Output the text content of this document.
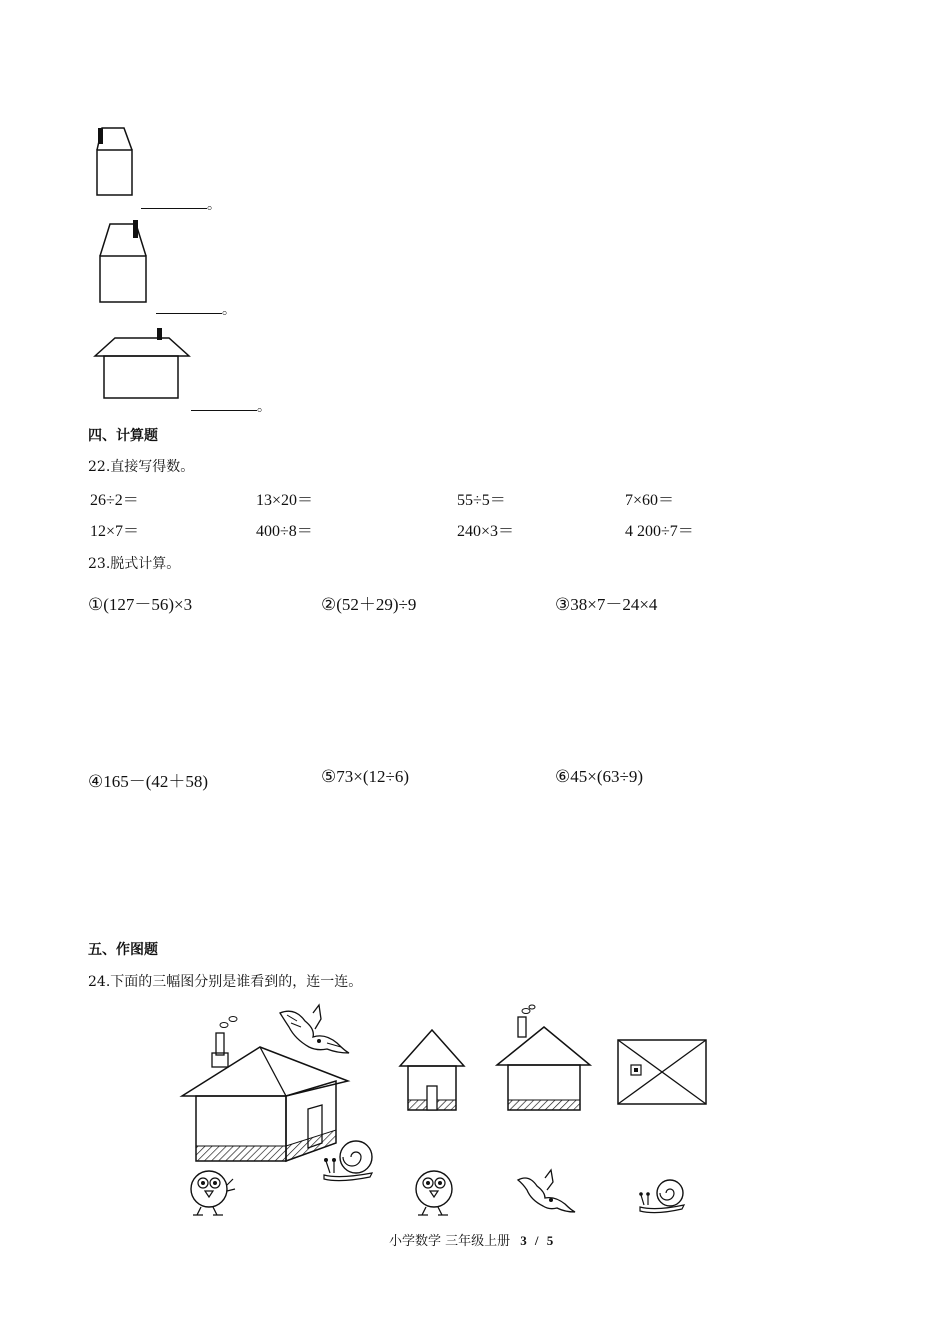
。
。
。
四、计算题
22.直接写得数。
26÷2＝	13×20＝	55÷5＝	7×60＝
12×7＝	400÷8＝	240×3＝	4 200÷7＝
23.脱式计算。
①(127－56)×3	②(52＋29)÷9	③38×7－24×4
④165－(42＋58)	⑤73×(12÷6)	⑥45×(63÷9)
五、作图题
24.下面的三幅图分别是谁看到的，连一连。
小学数学 三年级上册 3 / 5
